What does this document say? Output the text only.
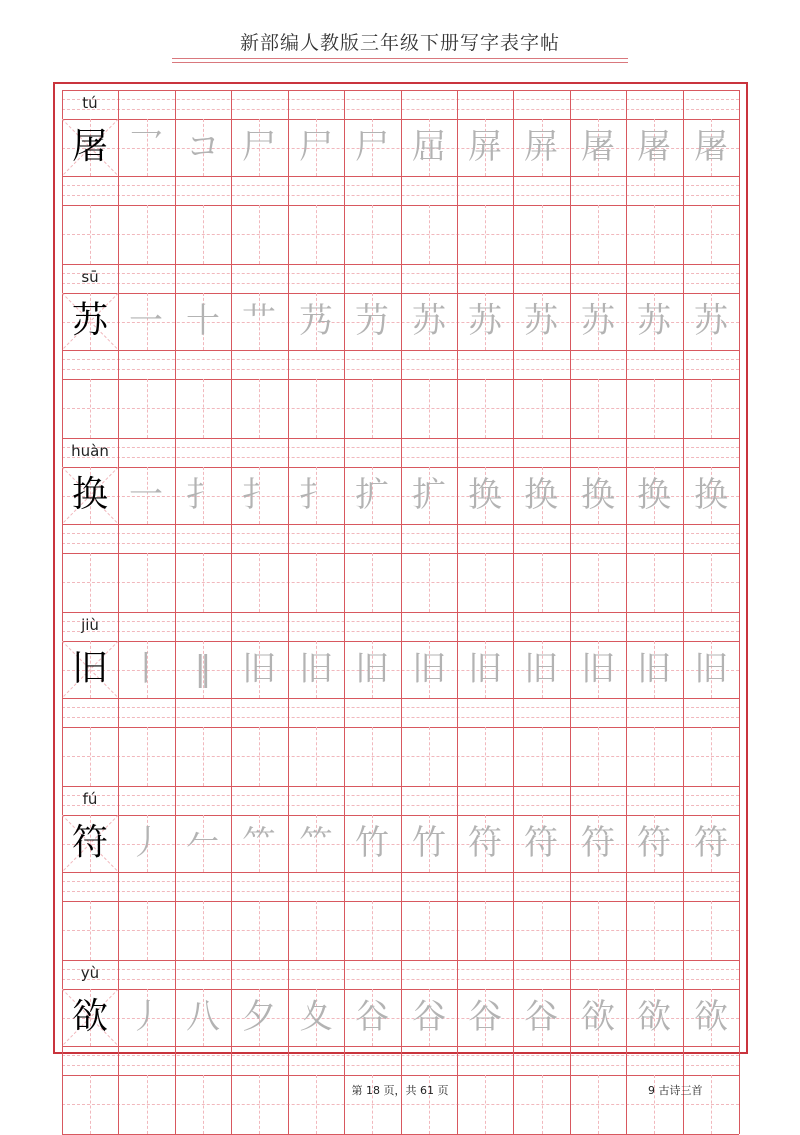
新部编人教版三年级下册写字表字帖
tú
屠 乛 コ 尸 尸 尸 屈 屏 屏 屠 屠 屠
sū
苏 一 十 艹 艿 芀 苏 苏 苏 苏 苏 苏
huàn
换 一 扌 扌 扌 扩 扩 换 换 换 换 换
jiù
旧 丨 ‖ 旧 旧 旧 旧 旧 旧 旧 旧 旧
fú
符 丿 𠂉 ⺮ ⺮ 竹 竹 符 符 符 符 符
yù
欲 丿 八 夕 夊 谷 谷 谷 谷 欲 欲 欲
第 18 页，共 61 页	9 古诗三首
